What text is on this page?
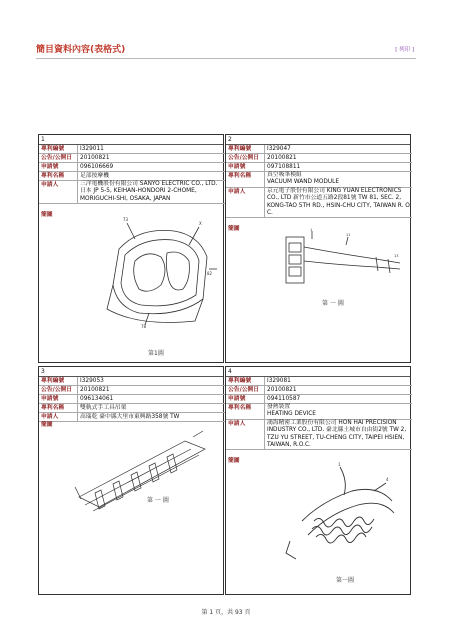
簡目資料內容(表格式)	[ 列印 ]
1
專利編號	I329011
公告/公開日	20100821
申請號	096106669
專利名稱	足部按摩機
申請人	三洋電機股份有限公司 SANYO ELECTRIC CO., LTD. 日本 JP 5-5, KEIHAN-HONDORI 2-CHOME, MORIGUCHI-SHI, OSAKA, JAPAN
簡圖
73
X
82
78
第1圖
2
專利編號	I329047
公告/公開日	20100821
申請號	097108811
專利名稱	真空吸筆模組
VACUUM WAND MODULE
申請人	京元電子股份有限公司 KING YUAN ELECTRONICS CO., LTD 新竹市公道五路2段81號 TW 81, SEC. 2, KONG-TAO 5TH RD., HSIN-CHU CITY, TAIWAN R. O. C.
簡圖	1
11
13
第 一 圖
3
專利編號	I329053
公告/公開日	20100821
申請號	096134061
專利名稱	雙軌式手工具吊架
申請人	高瑞乾 臺中縣大里市東興路358號 TW
簡圖
第 一 圖
4
專利編號	I329081
公告/公開日	20100821
申請號	094110587
專利名稱	發熱裝置
HEATING DEVICE
申請人	鴻海精密工業股份有限公司 HON HAI PRECISION INDUSTRY CO., LTD. 臺北縣土城市自由街2號 TW 2, TZU YU STREET, TU-CHENG CITY, TAIPEI HSIEN, TAIWAN, R.O.C.
簡圖
1
4
第一圖
第 1 頁，共 93 頁
